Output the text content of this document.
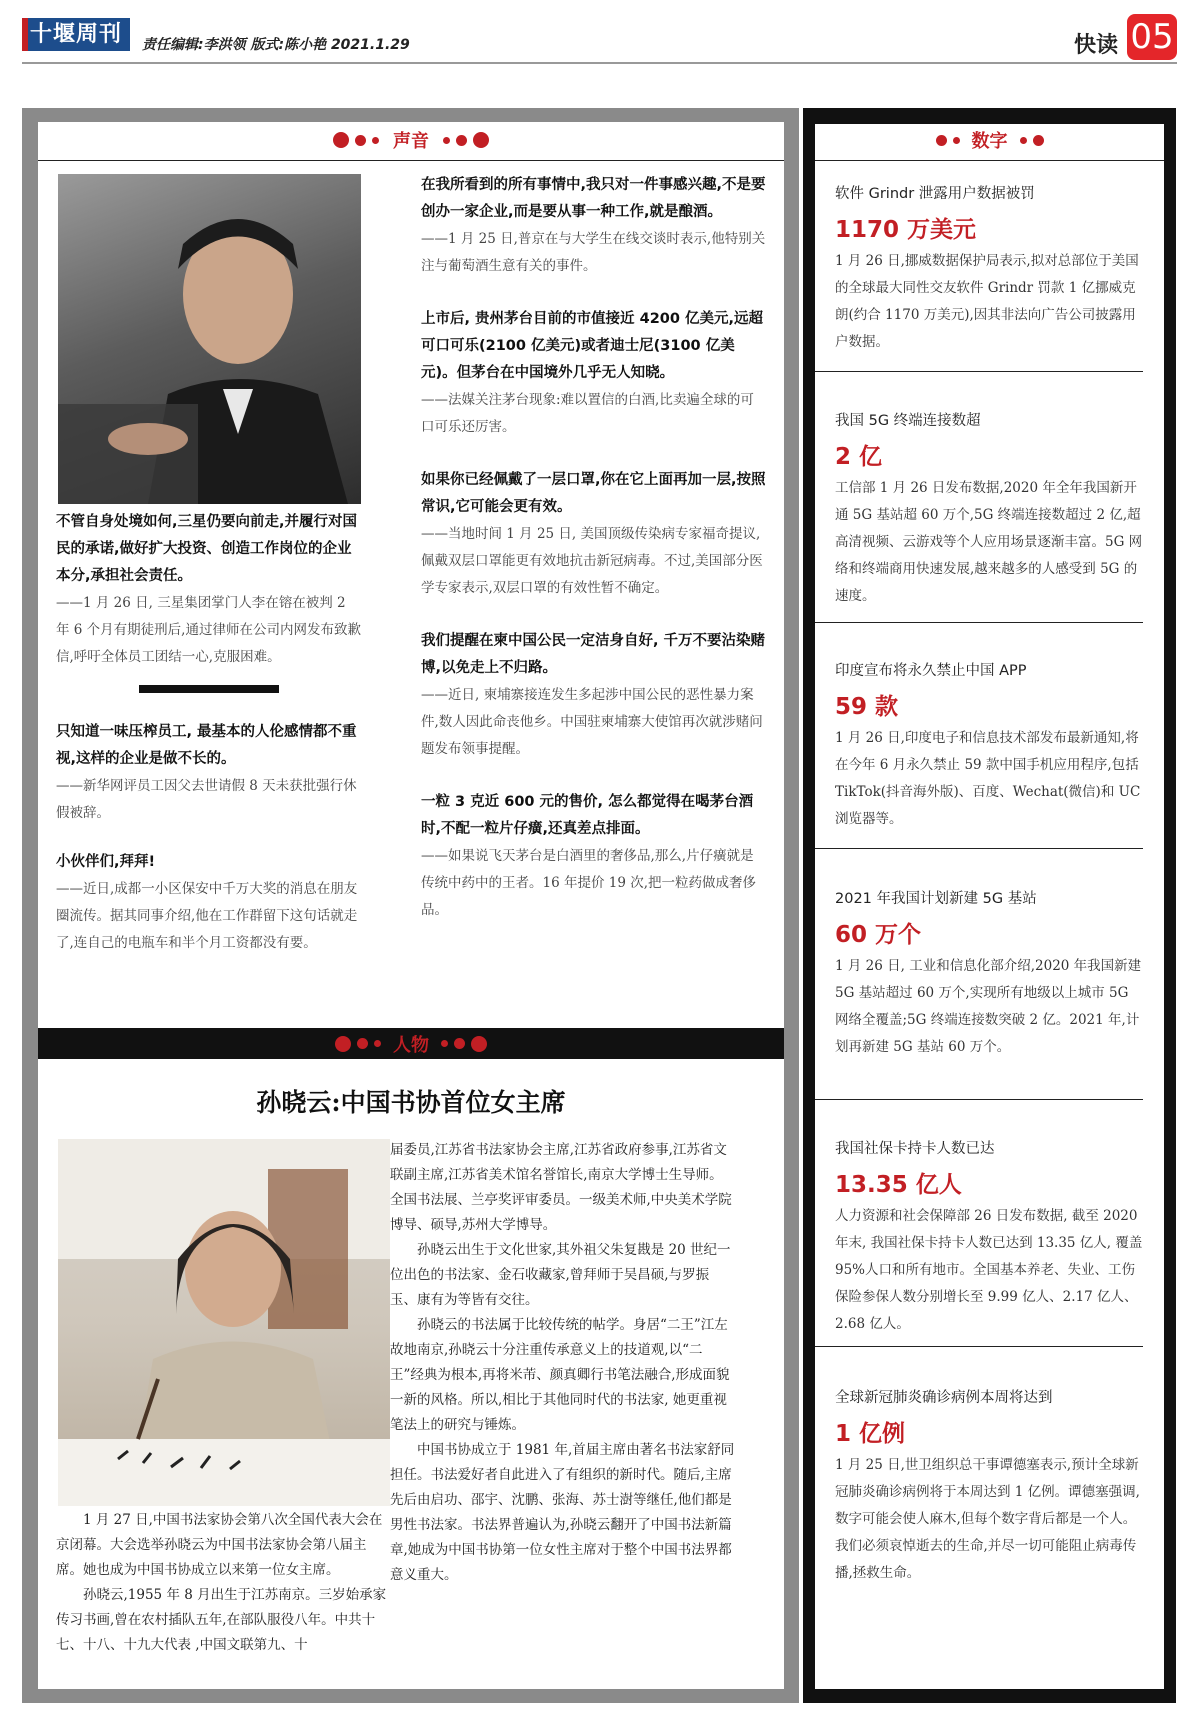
十堰周刊	责任编辑:李洪领 版式:陈小艳 2021.1.29	快读 05
声音
不管自身处境如何,三星仍要向前走,并履行对国民的承诺,做好扩大投资、创造工作岗位的企业本分,承担社会责任。
——1 月 26 日, 三星集团掌门人李在镕在被判 2 年 6 个月有期徒刑后,通过律师在公司内网发布致歉信,呼吁全体员工团结一心,克服困难。
只知道一味压榨员工, 最基本的人伦感情都不重视,这样的企业是做不长的。
——新华网评员工因父去世请假 8 天未获批强行休假被辞。
小伙伴们,拜拜!
——近日,成都一小区保安中千万大奖的消息在朋友圈流传。据其同事介绍,他在工作群留下这句话就走了,连自己的电瓶车和半个月工资都没有要。
在我所看到的所有事情中,我只对一件事感兴趣,不是要创办一家企业,而是要从事一种工作,就是酿酒。
——1 月 25 日,普京在与大学生在线交谈时表示,他特别关注与葡萄酒生意有关的事件。
上市后, 贵州茅台目前的市值接近 4200 亿美元,远超可口可乐(2100 亿美元)或者迪士尼(3100 亿美元)。但茅台在中国境外几乎无人知晓。
——法媒关注茅台现象:难以置信的白酒,比卖遍全球的可口可乐还厉害。
如果你已经佩戴了一层口罩,你在它上面再加一层,按照常识,它可能会更有效。
——当地时间 1 月 25 日, 美国顶级传染病专家福奇提议, 佩戴双层口罩能更有效地抗击新冠病毒。不过,美国部分医学专家表示,双层口罩的有效性暂不确定。
我们提醒在柬中国公民一定洁身自好, 千万不要沾染赌博,以免走上不归路。
——近日, 柬埔寨接连发生多起涉中国公民的恶性暴力案件,数人因此命丧他乡。中国驻柬埔寨大使馆再次就涉赌问题发布领事提醒。
一粒 3 克近 600 元的售价, 怎么都觉得在喝茅台酒时,不配一粒片仔癀,还真差点排面。
——如果说飞天茅台是白酒里的奢侈品,那么,片仔癀就是传统中药中的王者。16 年提价 19 次,把一粒药做成奢侈品。
人物
孙晓云:中国书协首位女主席

1 月 27 日,中国书法家协会第八次全国代表大会在京闭幕。大会选举孙晓云为中国书法家协会第八届主席。她也成为中国书协成立以来第一位女主席。

孙晓云,1955 年 8 月出生于江苏南京。三岁始承家传习书画,曾在农村插队五年,在部队服役八年。中共十七、十八、十九大代表 ,中国文联第九、十

届委员,江苏省书法家协会主席,江苏省政府参事,江苏省文联副主席,江苏省美术馆名誉馆长,南京大学博士生导师。全国书法展、兰亭奖评审委员。一级美术师,中央美术学院博导、硕导,苏州大学博导。

孙晓云出生于文化世家,其外祖父朱复戡是 20 世纪一位出色的书法家、金石收藏家,曾拜师于吴昌硕,与罗振玉、康有为等皆有交往。

孙晓云的书法属于比较传统的帖学。身居“二王”江左故地南京,孙晓云十分注重传承意义上的技道观,以“二王”经典为根本,再将米芾、颜真卿行书笔法融合,形成面貌一新的风格。所以,相比于其他同时代的书法家, 她更重视笔法上的研究与锤炼。

中国书协成立于 1981 年,首届主席由著名书法家舒同担任。书法爱好者自此进入了有组织的新时代。随后,主席先后由启功、邵宇、沈鹏、张海、苏士澍等继任,他们都是男性书法家。书法界普遍认为,孙晓云翻开了中国书法新篇章,她成为中国书协第一位女性主席对于整个中国书法界都意义重大。

数字
软件 Grindr 泄露用户数据被罚
1170 万美元
1 月 26 日,挪威数据保护局表示,拟对总部位于美国的全球最大同性交友软件 Grindr 罚款 1 亿挪威克朗(约合 1170 万美元),因其非法向广告公司披露用户数据。
我国 5G 终端连接数超
2 亿
工信部 1 月 26 日发布数据,2020 年全年我国新开通 5G 基站超 60 万个,5G 终端连接数超过 2 亿,超高清视频、云游戏等个人应用场景逐渐丰富。5G 网络和终端商用快速发展,越来越多的人感受到 5G 的速度。
印度宣布将永久禁止中国 APP
59 款
1 月 26 日,印度电子和信息技术部发布最新通知,将在今年 6 月永久禁止 59 款中国手机应用程序,包括 TikTok(抖音海外版)、百度、Wechat(微信)和 UC 浏览器等。
2021 年我国计划新建 5G 基站
60 万个
1 月 26 日, 工业和信息化部介绍,2020 年我国新建 5G 基站超过 60 万个,实现所有地级以上城市 5G 网络全覆盖;5G 终端连接数突破 2 亿。2021 年,计划再新建 5G 基站 60 万个。
我国社保卡持卡人数已达
13.35 亿人
人力资源和社会保障部 26 日发布数据, 截至 2020 年末, 我国社保卡持卡人数已达到 13.35 亿人, 覆盖 95%人口和所有地市。全国基本养老、失业、工伤保险参保人数分别增长至 9.99 亿人、2.17 亿人、2.68 亿人。
全球新冠肺炎确诊病例本周将达到
1 亿例
1 月 25 日,世卫组织总干事谭德塞表示,预计全球新冠肺炎确诊病例将于本周达到 1 亿例。谭德塞强调,数字可能会使人麻木,但每个数字背后都是一个人。我们必须哀悼逝去的生命,并尽一切可能阻止病毒传播,拯救生命。
